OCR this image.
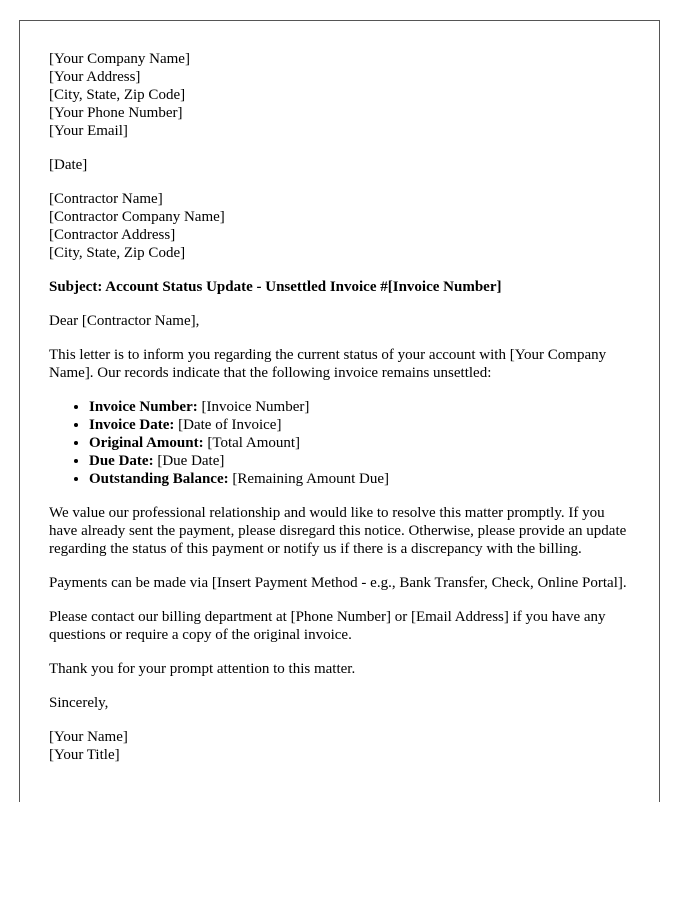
[Your Company Name]
[Your Address]
[City, State, Zip Code]
[Your Phone Number]
[Your Email]

[Date]

[Contractor Name]
[Contractor Company Name]
[Contractor Address]
[City, State, Zip Code]

Subject: Account Status Update - Unsettled Invoice #[Invoice Number]

Dear [Contractor Name],

This letter is to inform you regarding the current status of your account with [Your Company Name]. Our records indicate that the following invoice remains unsettled:

• Invoice Number: [Invoice Number]
• Invoice Date: [Date of Invoice]
• Original Amount: [Total Amount]
• Due Date: [Due Date]
• Outstanding Balance: [Remaining Amount Due]

We value our professional relationship and would like to resolve this matter promptly. If you have already sent the payment, please disregard this notice. Otherwise, please provide an update regarding the status of this payment or notify us if there is a discrepancy with the billing.

Payments can be made via [Insert Payment Method - e.g., Bank Transfer, Check, Online Portal].

Please contact our billing department at [Phone Number] or [Email Address] if you have any questions or require a copy of the original invoice.

Thank you for your prompt attention to this matter.

Sincerely,

[Your Name]
[Your Title]
